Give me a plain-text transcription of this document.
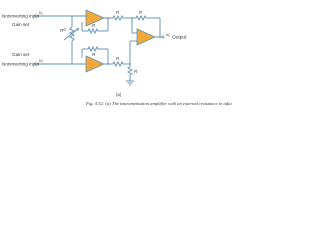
Noninverting input
v₁
Gain set
Rᴳ
Gain set
Noninverting input
v₂
R
R	R
R
R
R
vₒ
Output
(a)
Fig. 4.32: (a) The instrumentation amplifier with an external resistance to adju
